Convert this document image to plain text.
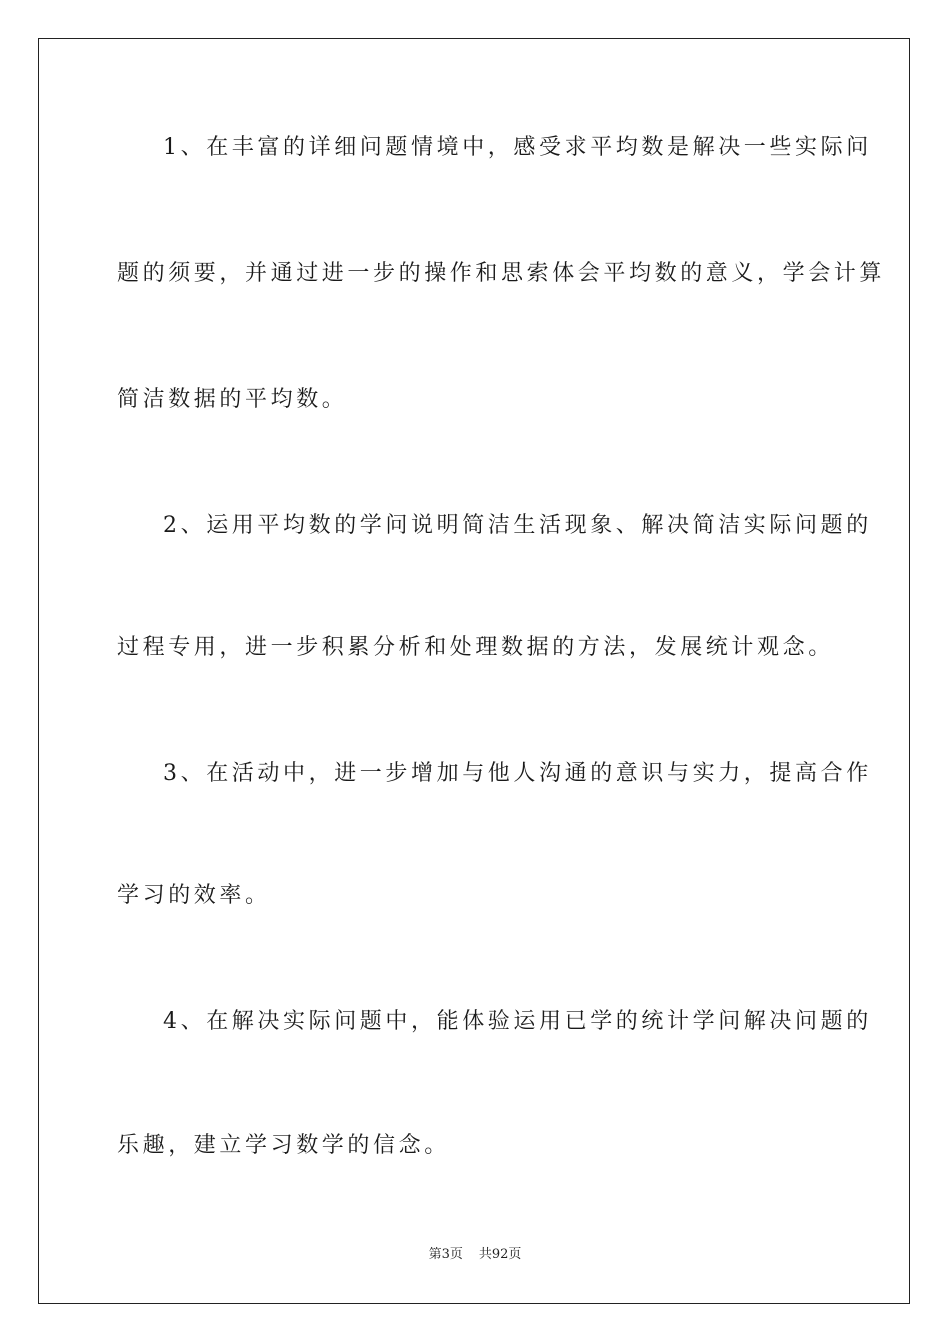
1、在丰富的详细问题情境中，感受求平均数是解决一些实际问
题的须要，并通过进一步的操作和思索体会平均数的意义，学会计算
简洁数据的平均数。
2、运用平均数的学问说明简洁生活现象、解决简洁实际问题的
过程专用，进一步积累分析和处理数据的方法，发展统计观念。
3、在活动中，进一步增加与他人沟通的意识与实力，提高合作
学习的效率。
4、在解决实际问题中，能体验运用已学的统计学问解决问题的
乐趣，建立学习数学的信念。
第3页 共92页
